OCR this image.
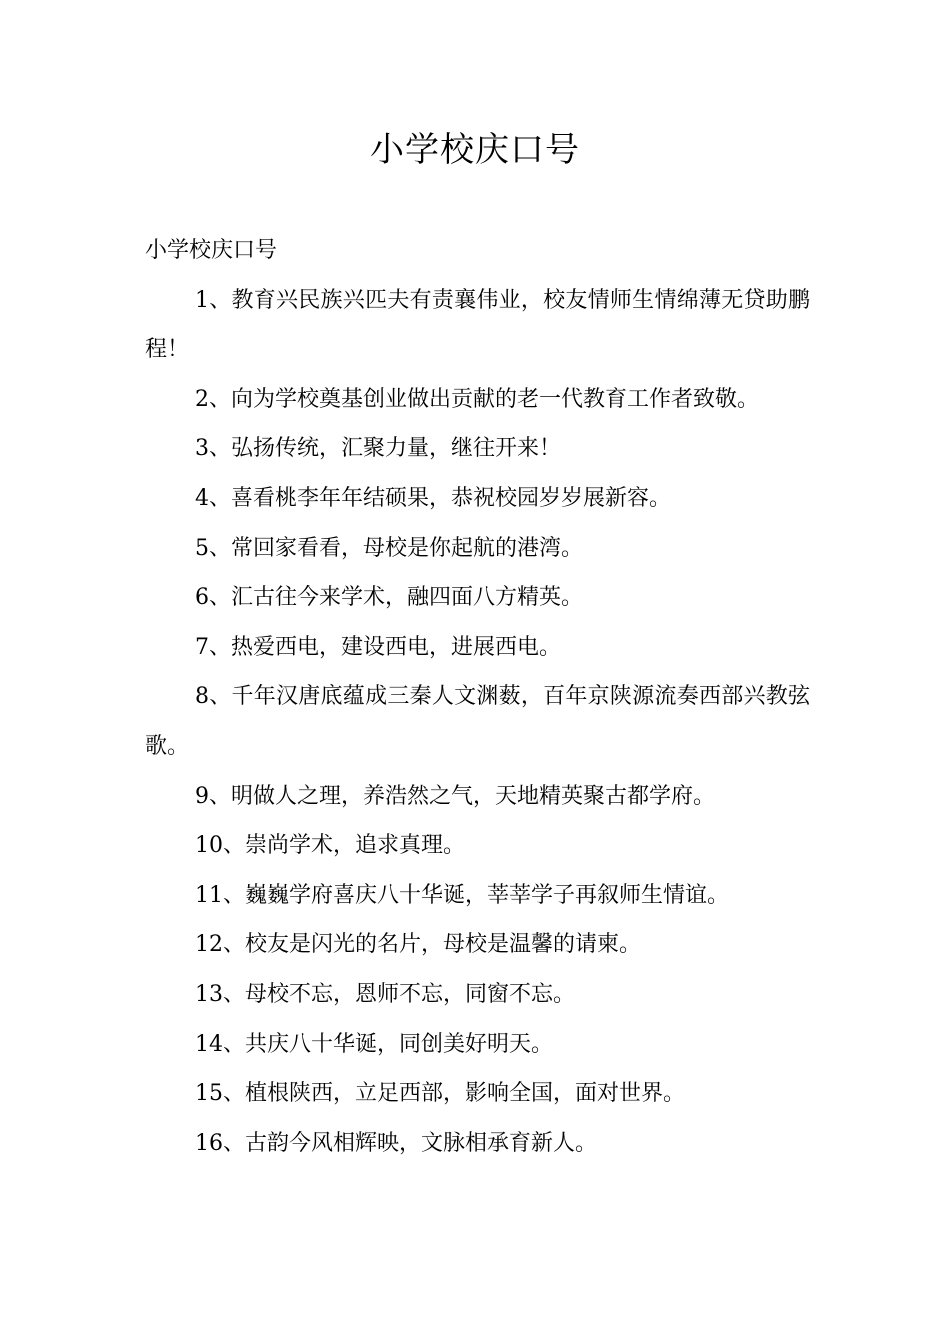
小学校庆口号

小学校庆口号

1、教育兴民族兴匹夫有责襄伟业，校友情师生情绵薄无贷助鹏程！

2、向为学校奠基创业做出贡献的老一代教育工作者致敬。

3、弘扬传统，汇聚力量，继往开来！

4、喜看桃李年年结硕果，恭祝校园岁岁展新容。

5、常回家看看，母校是你起航的港湾。

6、汇古往今来学术，融四面八方精英。

7、热爱西电，建设西电，进展西电。

8、千年汉唐底蕴成三秦人文渊薮，百年京陕源流奏西部兴教弦歌。

9、明做人之理，养浩然之气，天地精英聚古都学府。

10、崇尚学术，追求真理。

11、巍巍学府喜庆八十华诞，莘莘学子再叙师生情谊。

12、校友是闪光的名片，母校是温馨的请柬。

13、母校不忘，恩师不忘，同窗不忘。

14、共庆八十华诞，同创美好明天。

15、植根陕西，立足西部，影响全国，面对世界。

16、古韵今风相辉映，文脉相承育新人。
